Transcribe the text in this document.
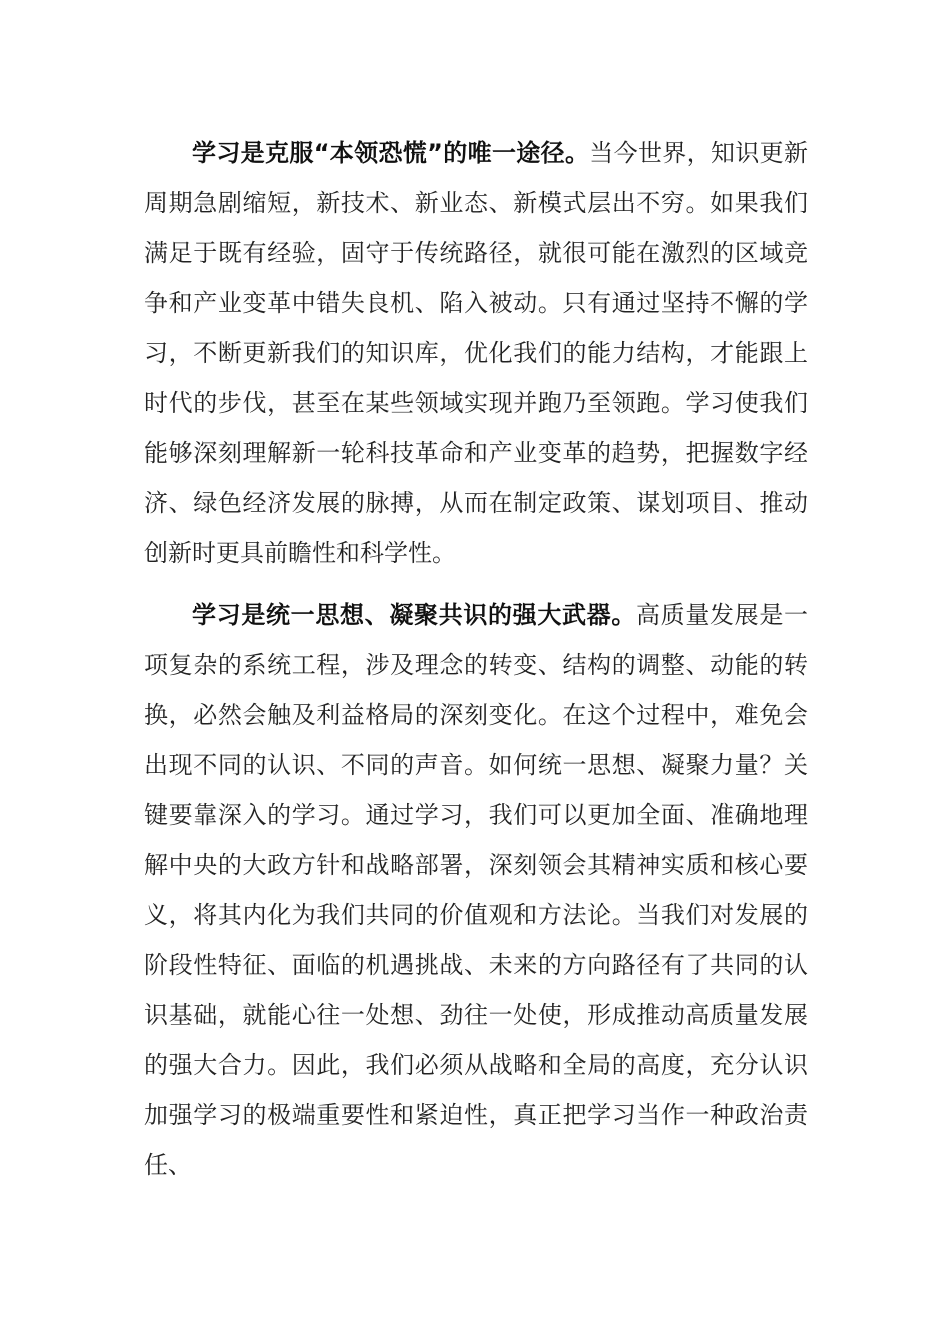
学习是克服“本领恐慌”的唯一途径。当今世界，知识更新周期急剧缩短，新技术、新业态、新模式层出不穷。如果我们满足于既有经验，固守于传统路径，就很可能在激烈的区域竞争和产业变革中错失良机、陷入被动。只有通过坚持不懈的学习，不断更新我们的知识库，优化我们的能力结构，才能跟上时代的步伐，甚至在某些领域实现并跑乃至领跑。学习使我们能够深刻理解新一轮科技革命和产业变革的趋势，把握数字经济、绿色经济发展的脉搏，从而在制定政策、谋划项目、推动创新时更具前瞻性和科学性。

学习是统一思想、凝聚共识的强大武器。高质量发展是一项复杂的系统工程，涉及理念的转变、结构的调整、动能的转换，必然会触及利益格局的深刻变化。在这个过程中，难免会出现不同的认识、不同的声音。如何统一思想、凝聚力量？关键要靠深入的学习。通过学习，我们可以更加全面、准确地理解中央的大政方针和战略部署，深刻领会其精神实质和核心要义，将其内化为我们共同的价值观和方法论。当我们对发展的阶段性特征、面临的机遇挑战、未来的方向路径有了共同的认识基础，就能心往一处想、劲往一处使，形成推动高质量发展的强大合力。因此，我们必须从战略和全局的高度，充分认识加强学习的极端重要性和紧迫性，真正把学习当作一种政治责任、
